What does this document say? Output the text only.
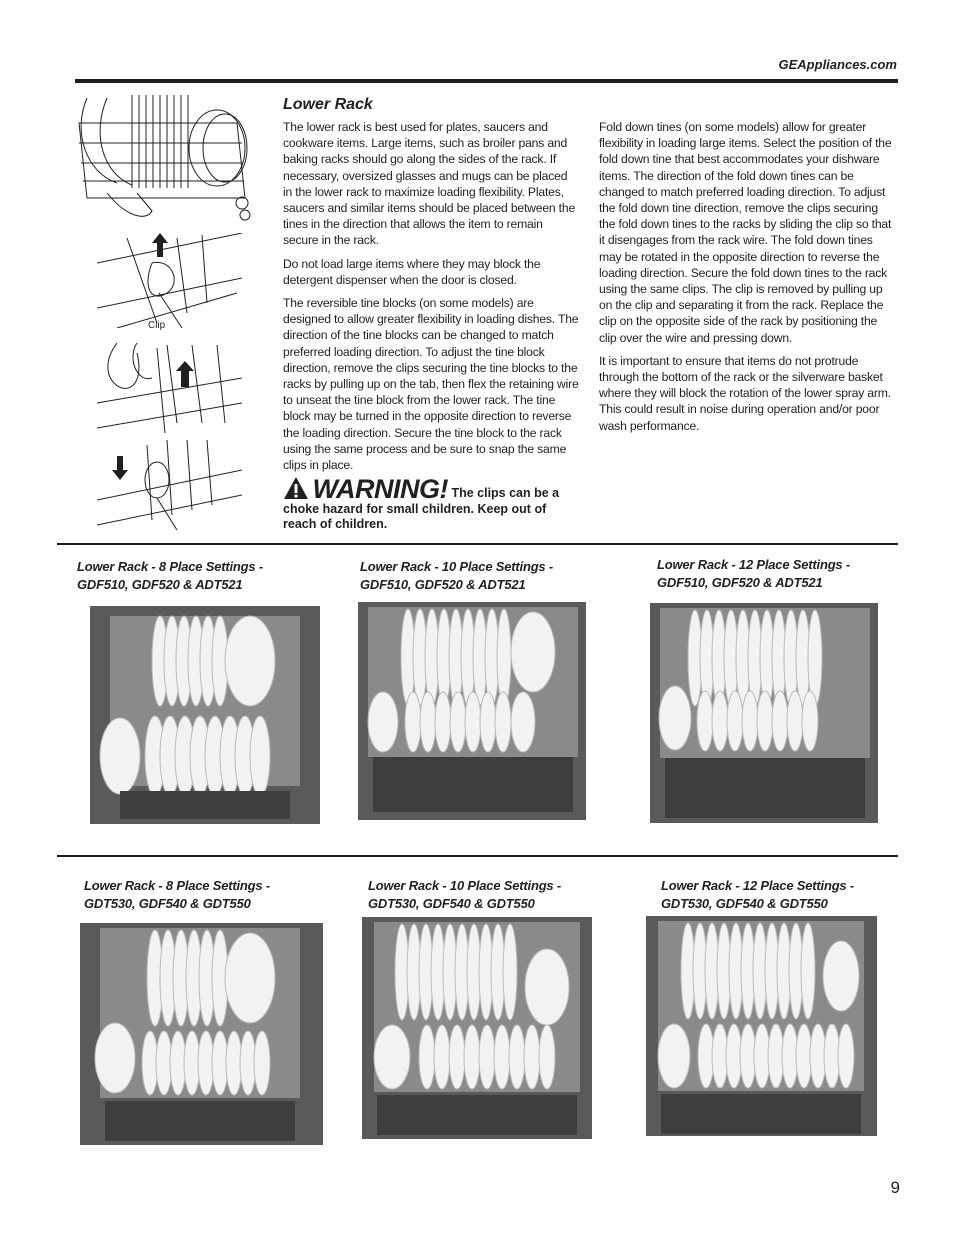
GEAppliances.com
Clip
Lower Rack

The lower rack is best used for plates, saucers and cookware items. Large items, such as broiler pans and baking racks should go along the sides of the rack. If necessary, oversized glasses and mugs can be placed in the lower rack to maximize loading flexibility. Plates, saucers and similar items should be placed between the tines in the direction that allows the item to remain secure in the rack.

Do not load large items where they may block the detergent dispenser when the door is closed.

The reversible tine blocks (on some models) are designed to allow greater flexibility in loading dishes. The direction of the tine blocks can be changed to match preferred loading direction. To adjust the tine block direction, remove the clips securing the tine blocks to the racks by pulling up on the tab, then flex the retaining wire to unseat the tine block from the lower rack. The tine block may be turned in the opposite direction to reverse the loading direction. Secure the tine block to the rack using the same process and be sure to snap the same clips in place.

Fold down tines (on some models) allow for greater flexibility in loading large items. Select the position of the fold down tine that best accommodates your dishware items. The direction of the fold down tines can be changed to match preferred loading direction. To adjust the fold down tine direction, remove the clips securing the fold down tines to the racks by sliding the clip so that it disengages from the rack wire. The fold down tines may be rotated in the opposite direction to reverse the loading direction. Secure the fold down tines to the rack using the same clips. The clip is removed by pulling up on the clip and separating it from the rack. Replace the clip on the opposite side of the rack by positioning the clip over the wire and pressing down.

It is important to ensure that items do not protrude through the bottom of the rack or the silverware basket where they will block the rotation of the lower spray arm. This could result in noise during operation and/or poor wash performance.

WARNING! The clips can be a choke hazard for small children. Keep out of reach of children.
Lower Rack - 8 Place Settings -
GDF510, GDF520 & ADT521
Lower Rack - 10 Place Settings -
GDF510, GDF520 & ADT521
Lower Rack - 12 Place Settings -
GDF510, GDF520 & ADT521
Lower Rack - 8 Place Settings -
GDT530, GDF540 & GDT550
Lower Rack - 10 Place Settings -
GDT530, GDF540 & GDT550
Lower Rack - 12 Place Settings -
GDT530, GDF540 & GDT550
9
